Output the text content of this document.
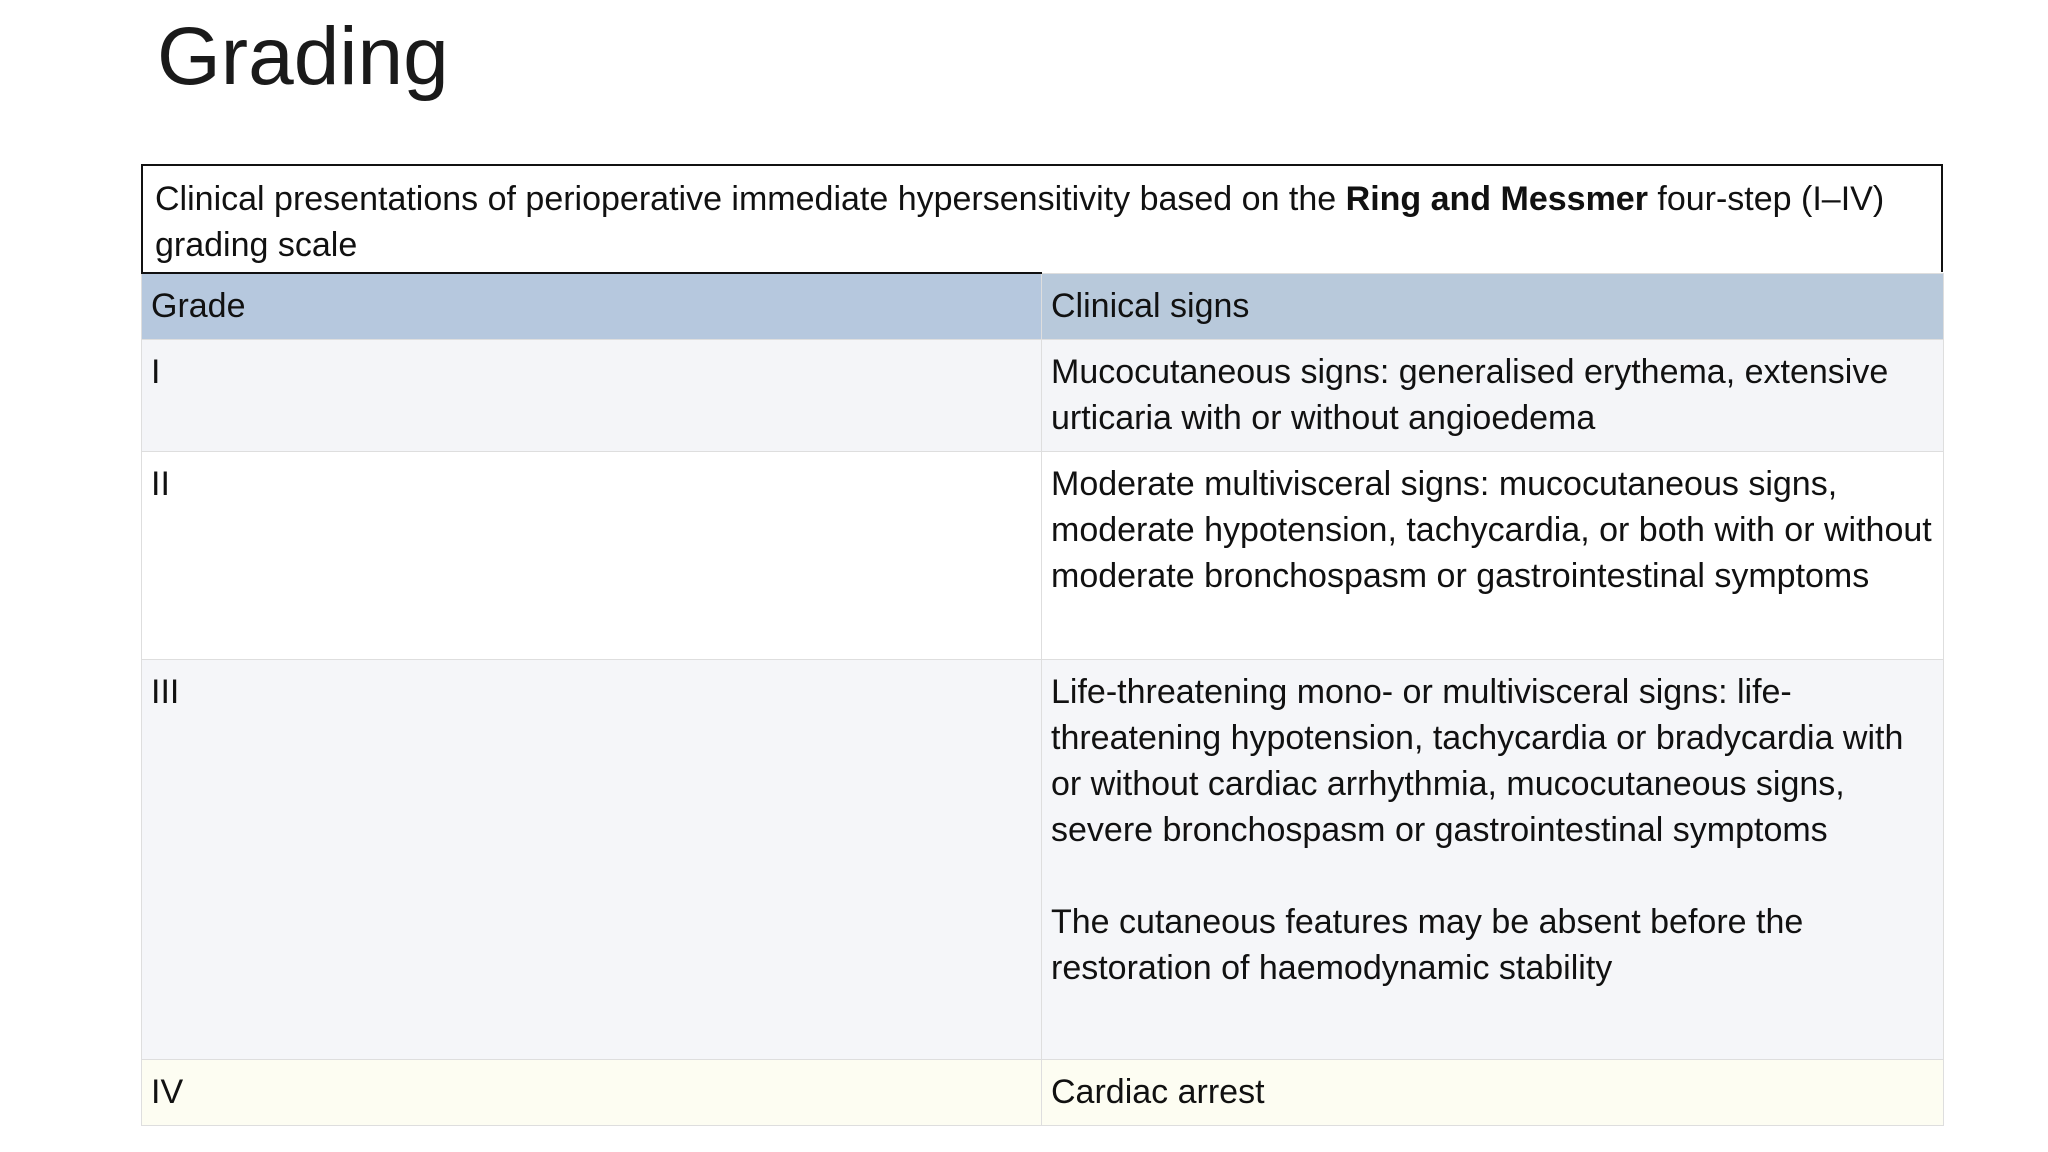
Grading
Clinical presentations of perioperative immediate hypersensitivity based on the Ring and Messmer four-step (I–IV) grading scale
Grade	Clinical signs
I	Mucocutaneous signs: generalised erythema, extensive urticaria with or without angioedema
II	Moderate multivisceral signs: mucocutaneous signs, moderate hypotension, tachycardia, or both with or without moderate bronchospasm or gastrointestinal symptoms
III	Life-threatening mono- or multivisceral signs: life-threatening hypotension, tachycardia or bradycardia with or without cardiac arrhythmia, mucocutaneous signs, severe bronchospasm or gastrointestinal symptoms

The cutaneous features may be absent before the restoration of haemodynamic stability
IV	Cardiac arrest
